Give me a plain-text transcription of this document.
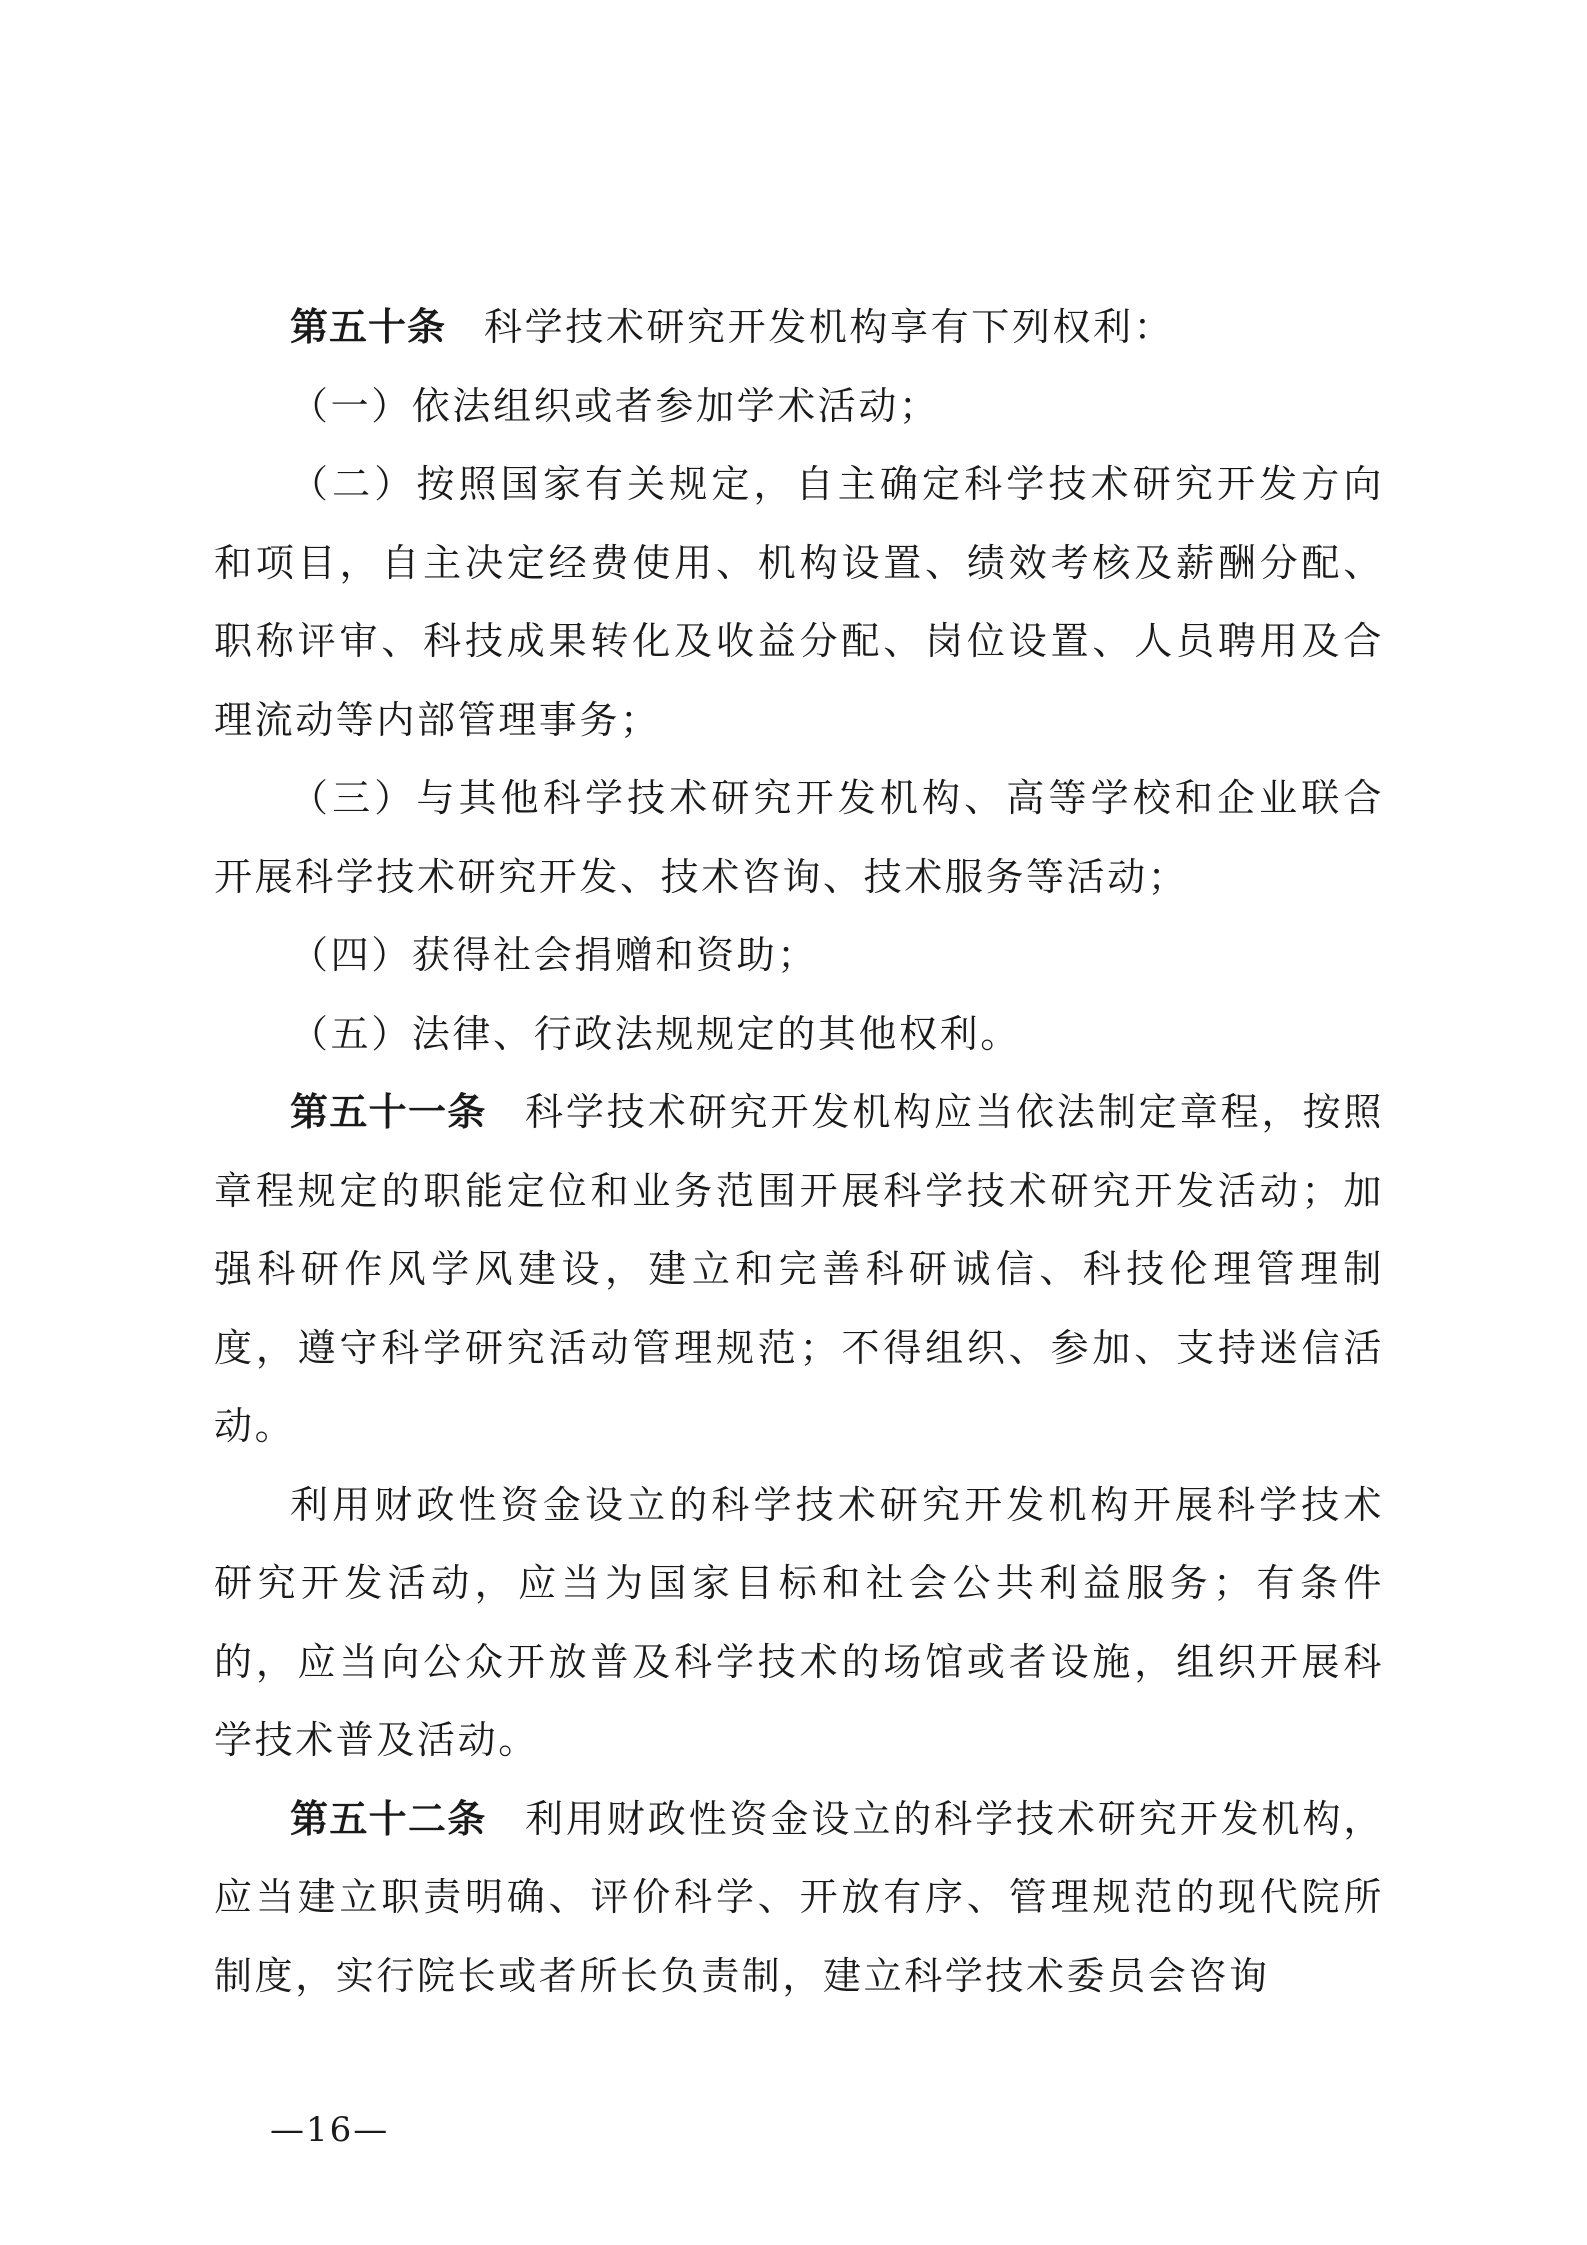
第五十条 科学技术研究开发机构享有下列权利：

（一）依法组织或者参加学术活动；

（二）按照国家有关规定，自主确定科学技术研究开发方向和项目，自主决定经费使用、机构设置、绩效考核及薪酬分配、职称评审、科技成果转化及收益分配、岗位设置、人员聘用及合理流动等内部管理事务；

（三）与其他科学技术研究开发机构、高等学校和企业联合开展科学技术研究开发、技术咨询、技术服务等活动；

（四）获得社会捐赠和资助；

（五）法律、行政法规规定的其他权利。

第五十一条 科学技术研究开发机构应当依法制定章程，按照章程规定的职能定位和业务范围开展科学技术研究开发活动；加强科研作风学风建设，建立和完善科研诚信、科技伦理管理制度，遵守科学研究活动管理规范；不得组织、参加、支持迷信活动。

利用财政性资金设立的科学技术研究开发机构开展科学技术研究开发活动，应当为国家目标和社会公共利益服务；有条件的，应当向公众开放普及科学技术的场馆或者设施，组织开展科学技术普及活动。

第五十二条 利用财政性资金设立的科学技术研究开发机构，应当建立职责明确、评价科学、开放有序、管理规范的现代院所制度，实行院长或者所长负责制，建立科学技术委员会咨询

—16—
